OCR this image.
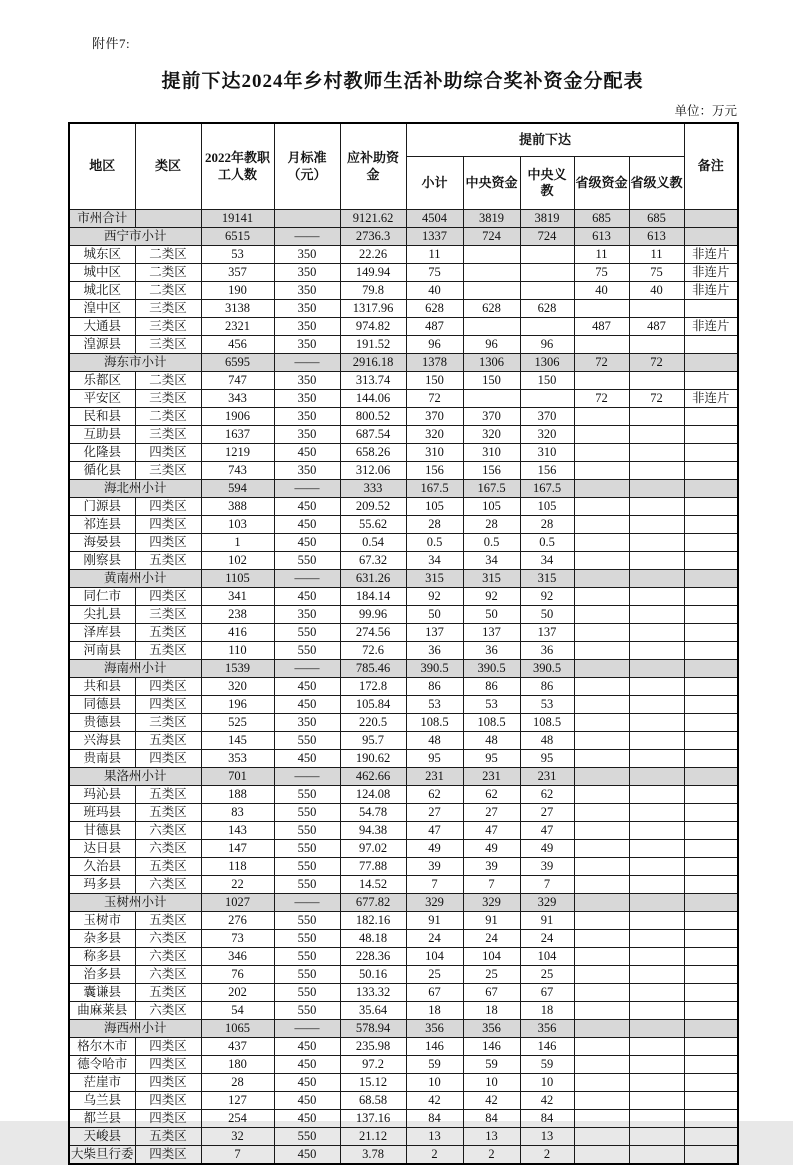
附件7:
提前下达2024年乡村教师生活补助综合奖补资金分配表
单位：万元
地区	类区	2022年教职工人数	月标准（元）	应补助资金	提前下达					备注
					小计	中央资金	中央义教	省级资金	省级义教	
市州合计		19141		9121.62	4504	3819	3819	685	685	
西宁市小计		6515	——	2736.3	1337	724	724	613	613	
城东区	二类区	53	350	22.26	11			11	11	非连片
城中区	二类区	357	350	149.94	75			75	75	非连片
城北区	二类区	190	350	79.8	40			40	40	非连片
湟中区	三类区	3138	350	1317.96	628	628	628			
大通县	三类区	2321	350	974.82	487			487	487	非连片
湟源县	三类区	456	350	191.52	96	96	96			
海东市小计		6595	——	2916.18	1378	1306	1306	72	72	
乐都区	二类区	747	350	313.74	150	150	150			
平安区	三类区	343	350	144.06	72			72	72	非连片
民和县	二类区	1906	350	800.52	370	370	370			
互助县	三类区	1637	350	687.54	320	320	320			
化隆县	四类区	1219	450	658.26	310	310	310			
循化县	三类区	743	350	312.06	156	156	156			
海北州小计		594	——	333	167.5	167.5	167.5			
门源县	四类区	388	450	209.52	105	105	105			
祁连县	四类区	103	450	55.62	28	28	28			
海晏县	四类区	1	450	0.54	0.5	0.5	0.5			
刚察县	五类区	102	550	67.32	34	34	34			
黄南州小计		1105	——	631.26	315	315	315			
同仁市	四类区	341	450	184.14	92	92	92			
尖扎县	三类区	238	350	99.96	50	50	50			
泽库县	五类区	416	550	274.56	137	137	137			
河南县	五类区	110	550	72.6	36	36	36			
海南州小计		1539	——	785.46	390.5	390.5	390.5			
共和县	四类区	320	450	172.8	86	86	86			
同德县	四类区	196	450	105.84	53	53	53			
贵德县	三类区	525	350	220.5	108.5	108.5	108.5			
兴海县	五类区	145	550	95.7	48	48	48			
贵南县	四类区	353	450	190.62	95	95	95			
果洛州小计		701	——	462.66	231	231	231			
玛沁县	五类区	188	550	124.08	62	62	62			
班玛县	五类区	83	550	54.78	27	27	27			
甘德县	六类区	143	550	94.38	47	47	47			
达日县	六类区	147	550	97.02	49	49	49			
久治县	五类区	118	550	77.88	39	39	39			
玛多县	六类区	22	550	14.52	7	7	7			
玉树州小计		1027	——	677.82	329	329	329			
玉树市	五类区	276	550	182.16	91	91	91			
杂多县	六类区	73	550	48.18	24	24	24			
称多县	六类区	346	550	228.36	104	104	104			
治多县	六类区	76	550	50.16	25	25	25			
囊谦县	五类区	202	550	133.32	67	67	67			
曲麻莱县	六类区	54	550	35.64	18	18	18			
海西州小计		1065	——	578.94	356	356	356			
格尔木市	四类区	437	450	235.98	146	146	146			
德令哈市	四类区	180	450	97.2	59	59	59			
茫崖市	四类区	28	450	15.12	10	10	10			
乌兰县	四类区	127	450	68.58	42	42	42			
都兰县	四类区	254	450	137.16	84	84	84			
天峻县	五类区	32	550	21.12	13	13	13			
大柴旦行委	四类区	7	450	3.78	2	2	2			
